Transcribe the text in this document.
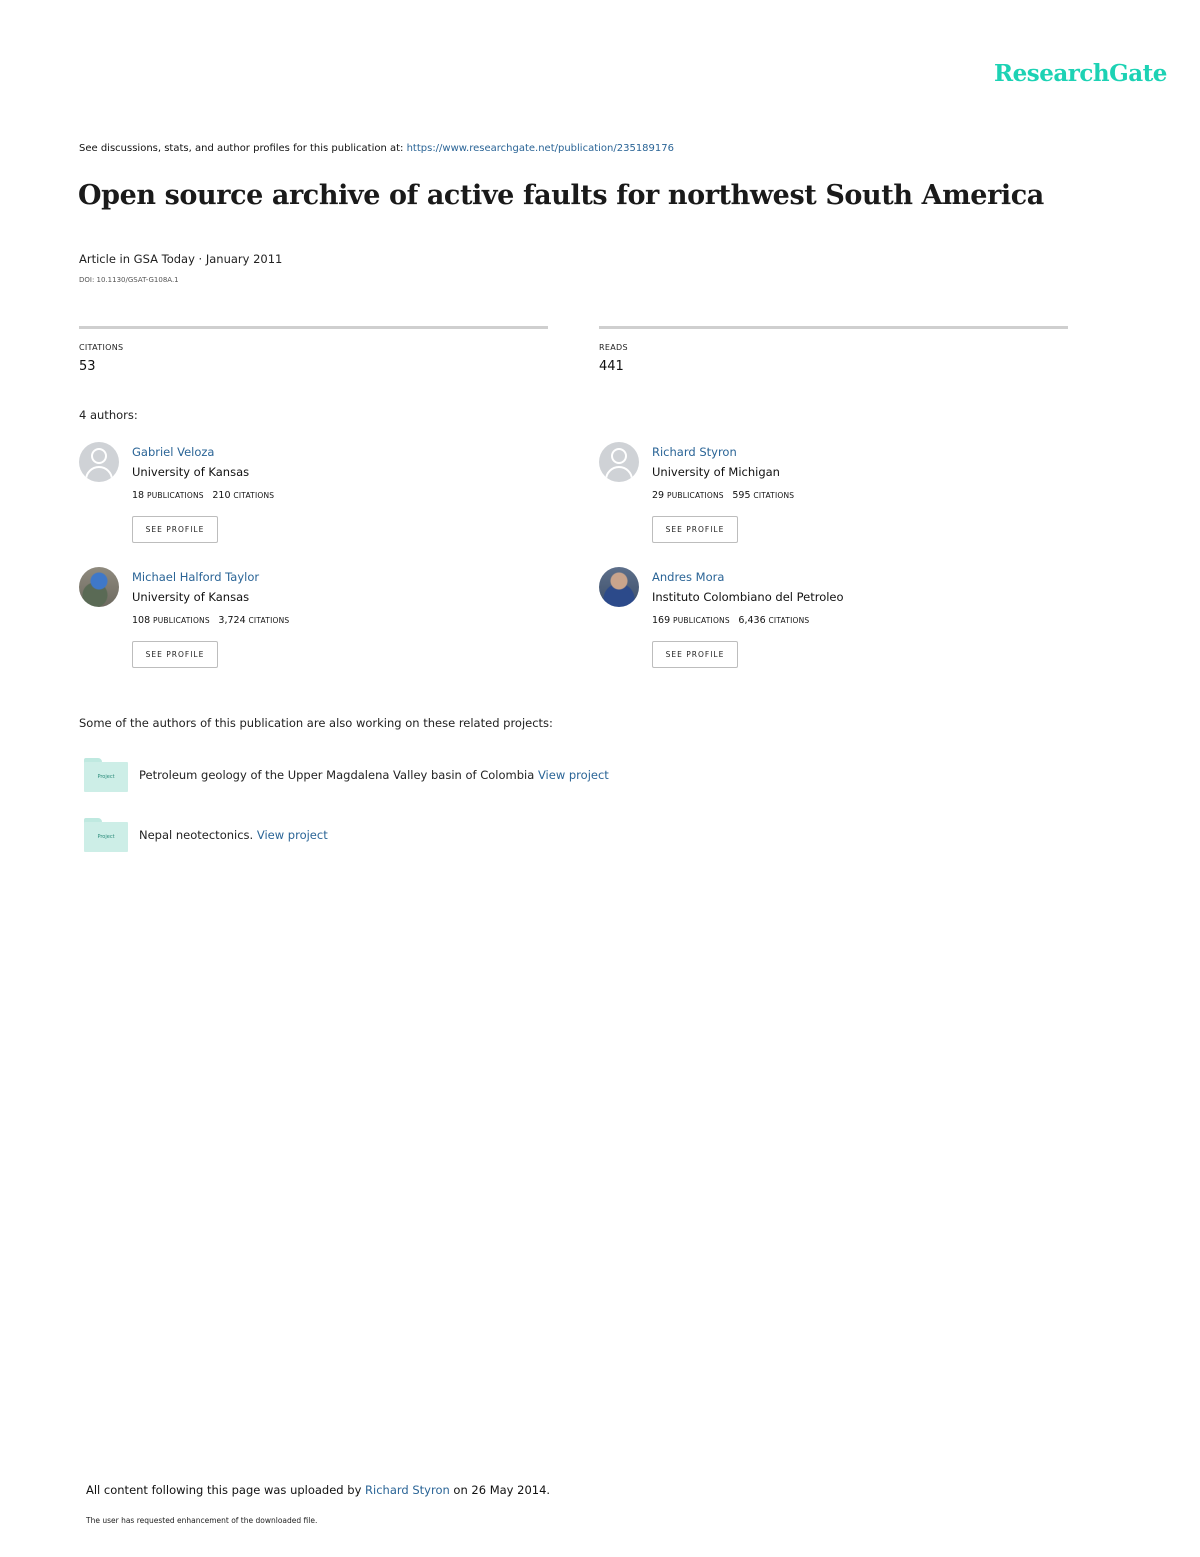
ResearchGate
See discussions, stats, and author profiles for this publication at: https://www.researchgate.net/publication/235189176
Open source archive of active faults for northwest South America
Article in GSA Today · January 2011
DOI: 10.1130/GSAT-G108A.1
CITATIONS
53
READS
441
4 authors:
Gabriel Veloza
University of Kansas
18 PUBLICATIONS 210 CITATIONS
SEE PROFILE
Richard Styron
University of Michigan
29 PUBLICATIONS 595 CITATIONS
SEE PROFILE
Michael Halford Taylor
University of Kansas
108 PUBLICATIONS 3,724 CITATIONS
SEE PROFILE
Andres Mora
Instituto Colombiano del Petroleo
169 PUBLICATIONS 6,436 CITATIONS
SEE PROFILE
Some of the authors of this publication are also working on these related projects:
Project	Petroleum geology of the Upper Magdalena Valley basin of Colombia View project
Project	Nepal neotectonics. View project
All content following this page was uploaded by Richard Styron on 26 May 2014.
The user has requested enhancement of the downloaded file.
